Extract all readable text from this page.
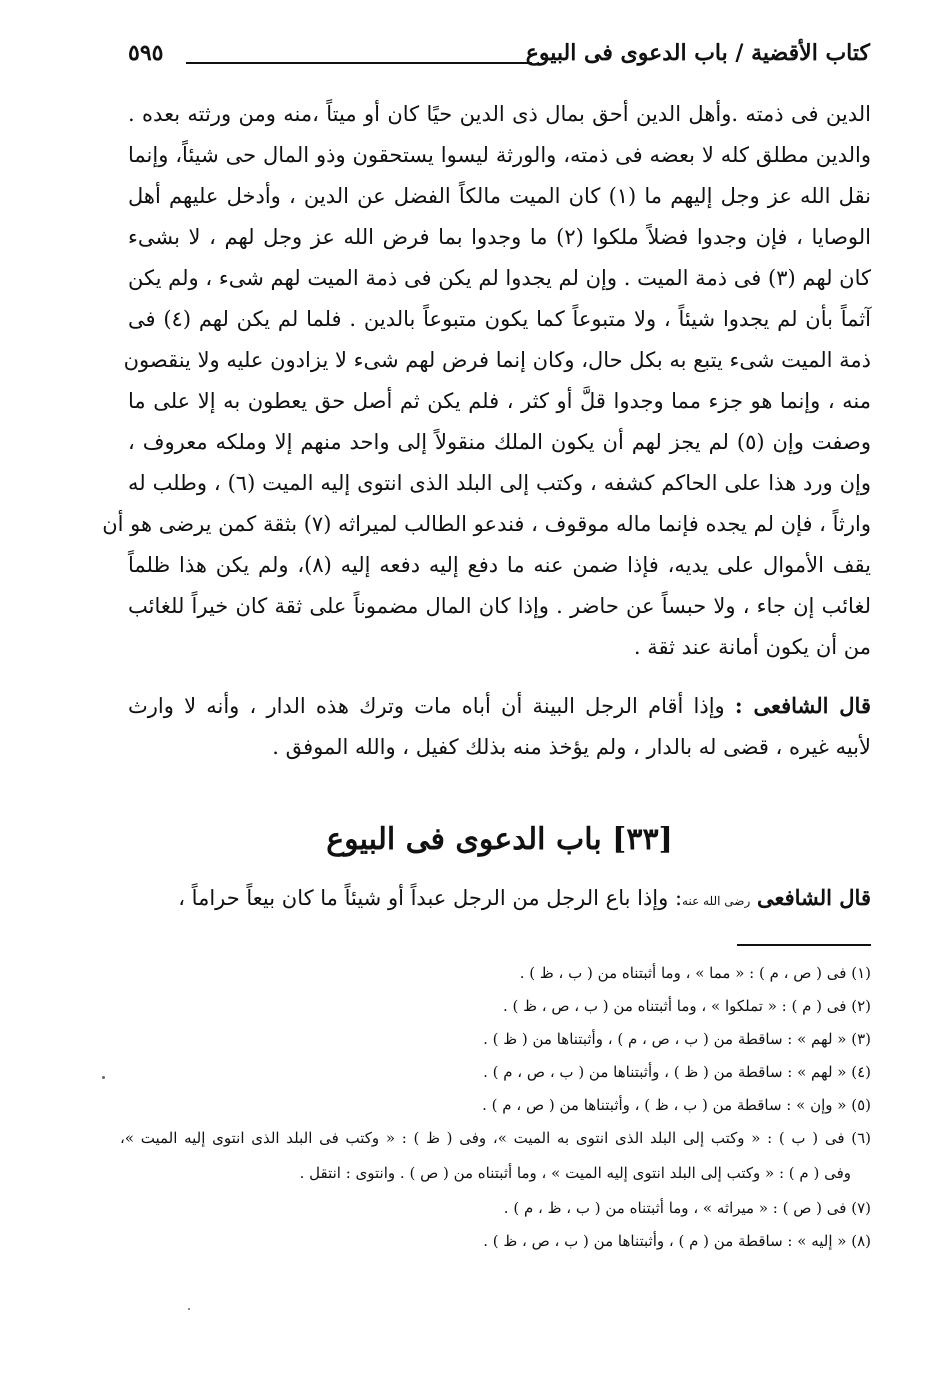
كتاب الأقضية / باب الدعوى فى البيوع
٥٩٥
الدين فى ذمته .وأهل الدين أحق بمال ذى الدين حيًا كان أو ميتاً ،منه ومن ورثته بعده .
والدين مطلق كله لا بعضه فى ذمته، والورثة ليسوا يستحقون وذو المال حى شيئاً، وإنما
نقل الله عز وجل إليهم ما (١) كان الميت مالكاً الفضل عن الدين ، وأدخل عليهم أهل
الوصايا ، فإن وجدوا فضلاً ملكوا (٢) ما وجدوا بما فرض الله عز وجل لهم ، لا بشىء
كان لهم (٣) فى ذمة الميت . وإن لم يجدوا لم يكن فى ذمة الميت لهم شىء ، ولم يكن
آثماً بأن لم يجدوا شيئاً ، ولا متبوعاً كما يكون متبوعاً بالدين . فلما لم يكن لهم (٤) فى
ذمة الميت شىء يتبع به بكل حال، وكان إنما فرض لهم شىء لا يزادون عليه ولا ينقصون
منه ، وإنما هو جزء مما وجدوا قلَّ أو كثر ، فلم يكن ثم أصل حق يعطون به إلا على ما
وصفت وإن (٥) لم يجز لهم أن يكون الملك منقولاً إلى واحد منهم إلا وملكه معروف ،
وإن ورد هذا على الحاكم كشفه ، وكتب إلى البلد الذى انتوى إليه الميت (٦) ، وطلب له
وارثاً ، فإن لم يجده فإنما ماله موقوف ، فندعو الطالب لميراثه (٧) بثقة كمن يرضى هو أن
يقف الأموال على يديه، فإذا ضمن عنه ما دفع إليه دفعه إليه (٨)، ولم يكن هذا ظلماً
لغائب إن جاء ، ولا حبساً عن حاضر . وإذا كان المال مضموناً على ثقة كان خيراً للغائب
من أن يكون أمانة عند ثقة .
قال الشافعى : وإذا أقام الرجل البينة أن أباه مات وترك هذه الدار ، وأنه لا وارث
لأبيه غيره ، قضى له بالدار ، ولم يؤخذ منه بذلك كفيل ، والله الموفق .
[٣٣] باب الدعوى فى البيوع
قال الشافعى رضى الله عنه: وإذا باع الرجل من الرجل عبداً أو شيئاً ما كان بيعاً حراماً ،
(١) فى ( ص ، م ) : « مما » ، وما أثبتناه من ( ب ، ظ ) .
(٢) فى ( م ) : « تملكوا » ، وما أثبتناه من ( ب ، ص ، ظ ) .
(٣) « لهم » : ساقطة من ( ب ، ص ، م ) ، وأثبتناها من ( ظ ) .
(٤) « لهم » : ساقطة من ( ظ ) ، وأثبتناها من ( ب ، ص ، م ) .
(٥) « وإن » : ساقطة من ( ب ، ظ ) ، وأثبتناها من ( ص ، م ) .
(٦) فى ( ب ) : « وكتب إلى البلد الذى انتوى به الميت »، وفى ( ظ ) : « وكتب فى البلد الذى انتوى إليه الميت »،
وفى ( م ) : « وكتب إلى البلد انتوى إليه الميت » ، وما أثبتناه من ( ص ) . وانتوى : انتقل .
(٧) فى ( ص ) : « ميراثه » ، وما أثبتناه من ( ب ، ظ ، م ) .
(٨) « إليه » : ساقطة من ( م ) ، وأثبتناها من ( ب ، ص ، ظ ) .
